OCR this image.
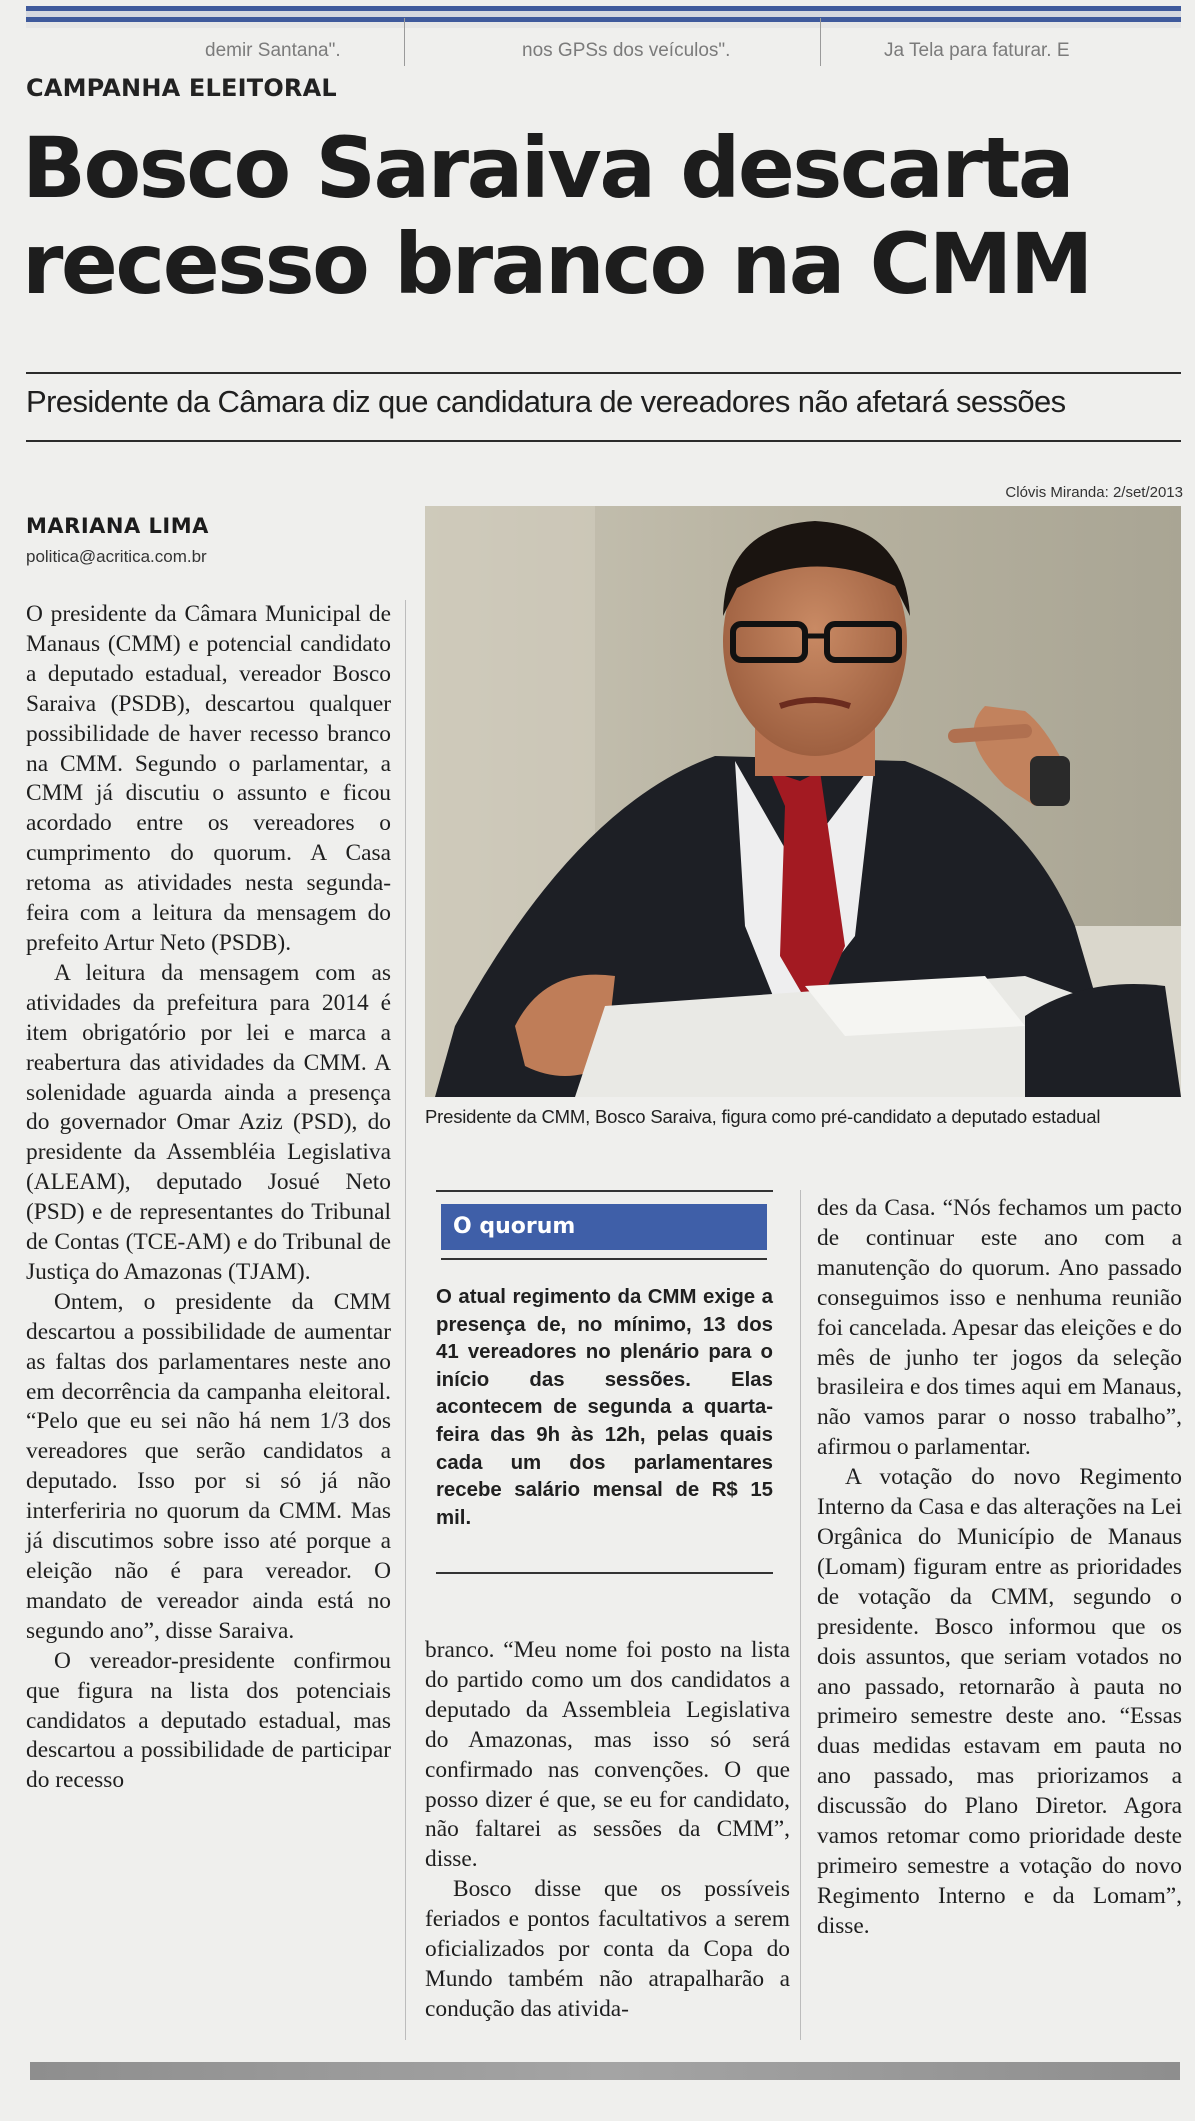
demir Santana".	nos GPSs dos veículos".	Ja Tela para faturar. E
CAMPANHA ELEITORAL
Bosco Saraiva descarta
recesso branco na CMM
Presidente da Câmara diz que candidatura de vereadores não afetará sessões
MARIANA LIMA
politica@acritica.com.br
Clóvis Miranda: 2/set/2013
Presidente da CMM, Bosco Saraiva, figura como pré-candidato a deputado estadual

O presidente da Câmara Municipal de Manaus (CMM) e potencial candidato a deputado estadual, vereador Bosco Saraiva (PSDB), descartou qualquer possibilidade de haver recesso branco na CMM. Segundo o parlamentar, a CMM já discutiu o assunto e ficou acordado entre os vereadores o cumprimento do quorum. A Casa retoma as atividades nesta segunda-feira com a leitura da mensagem do prefeito Artur Neto (PSDB).

A leitura da mensagem com as atividades da prefeitura para 2014 é item obrigatório por lei e marca a reabertura das atividades da CMM. A solenidade aguarda ainda a presença do governador Omar Aziz (PSD), do presidente da Assembléia Legislativa (ALEAM), deputado Josué Neto (PSD) e de representantes do Tribunal de Contas (TCE-AM) e do Tribunal de Justiça do Amazonas (TJAM).

Ontem, o presidente da CMM descartou a possibilidade de aumentar as faltas dos parlamentares neste ano em decorrência da campanha eleitoral. “Pelo que eu sei não há nem 1/3 dos vereadores que serão candidatos a deputado. Isso por si só já não interferiria no quorum da CMM. Mas já discutimos sobre isso até porque a eleição não é para vereador. O mandato de vereador ainda está no segundo ano”, disse Saraiva.

O vereador-presidente confirmou que figura na lista dos potenciais candidatos a deputado estadual, mas descartou a possibilidade de participar do recesso

O quorum
O atual regimento da CMM exige a presença de, no mínimo, 13 dos 41 vereadores no plenário para o início das sessões. Elas acontecem de segunda a quarta-feira das 9h às 12h, pelas quais cada um dos parlamentares recebe salário mensal de R$ 15 mil.

branco. “Meu nome foi posto na lista do partido como um dos candidatos a deputado da Assembleia Legislativa do Amazonas, mas isso só será confirmado nas convenções. O que posso dizer é que, se eu for candidato, não faltarei as sessões da CMM”, disse.

Bosco disse que os possíveis feriados e pontos facultativos a serem oficializados por conta da Copa do Mundo também não atrapalharão a condução das ativida-

des da Casa. “Nós fechamos um pacto de continuar este ano com a manutenção do quorum. Ano passado conseguimos isso e nenhuma reunião foi cancelada. Apesar das eleições e do mês de junho ter jogos da seleção brasileira e dos times aqui em Manaus, não vamos parar o nosso trabalho”, afirmou o parlamentar.

A votação do novo Regimento Interno da Casa e das alterações na Lei Orgânica do Município de Manaus (Lomam) figuram entre as prioridades de votação da CMM, segundo o presidente. Bosco informou que os dois assuntos, que seriam votados no ano passado, retornarão à pauta no primeiro semestre deste ano. “Essas duas medidas estavam em pauta no ano passado, mas priorizamos a discussão do Plano Diretor. Agora vamos retomar como prioridade deste primeiro semestre a votação do novo Regimento Interno e da Lomam”, disse.
